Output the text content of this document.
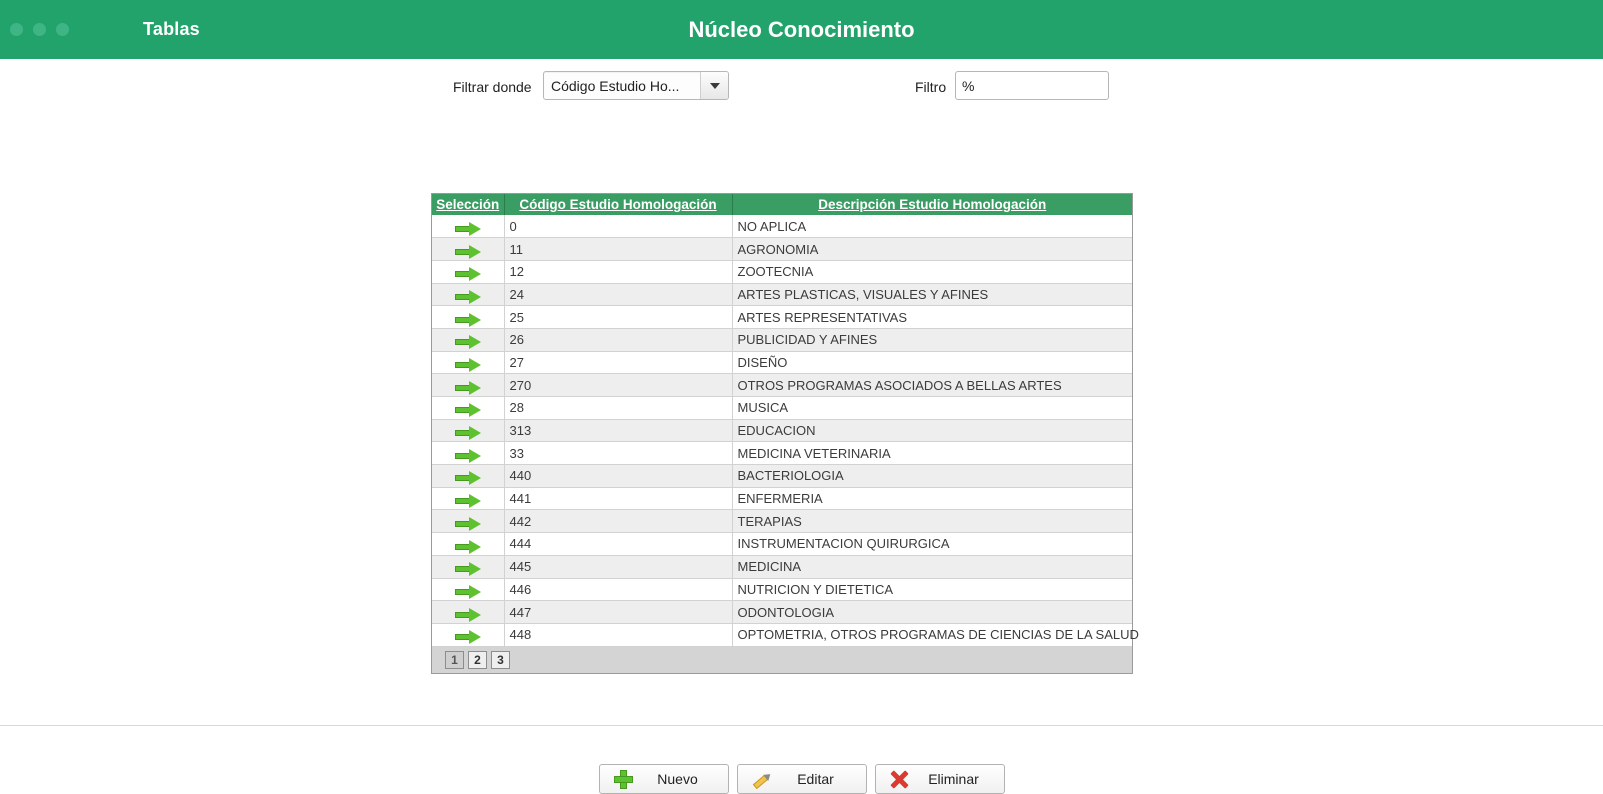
Tablas	Núcleo Conocimiento
Filtrar donde	Código Estudio Ho...	Filtro
%
Selección	Código Estudio Homologación	Descripción Estudio Homologación

	0	NO APLICA

	11	AGRONOMIA

	12	ZOOTECNIA

	24	ARTES PLASTICAS, VISUALES Y AFINES

	25	ARTES REPRESENTATIVAS

	26	PUBLICIDAD Y AFINES

	27	DISEÑO

	270	OTROS PROGRAMAS ASOCIADOS A BELLAS ARTES

	28	MUSICA

	313	EDUCACION

	33	MEDICINA VETERINARIA

	440	BACTERIOLOGIA

	441	ENFERMERIA

	442	TERAPIAS

	444	INSTRUMENTACION QUIRURGICA

	445	MEDICINA

	446	NUTRICION Y DIETETICA

	447	ODONTOLOGIA

	448	OPTOMETRIA, OTROS PROGRAMAS DE CIENCIAS DE LA SALUD

1 2 3		
Nuevo	Editar	Eliminar
